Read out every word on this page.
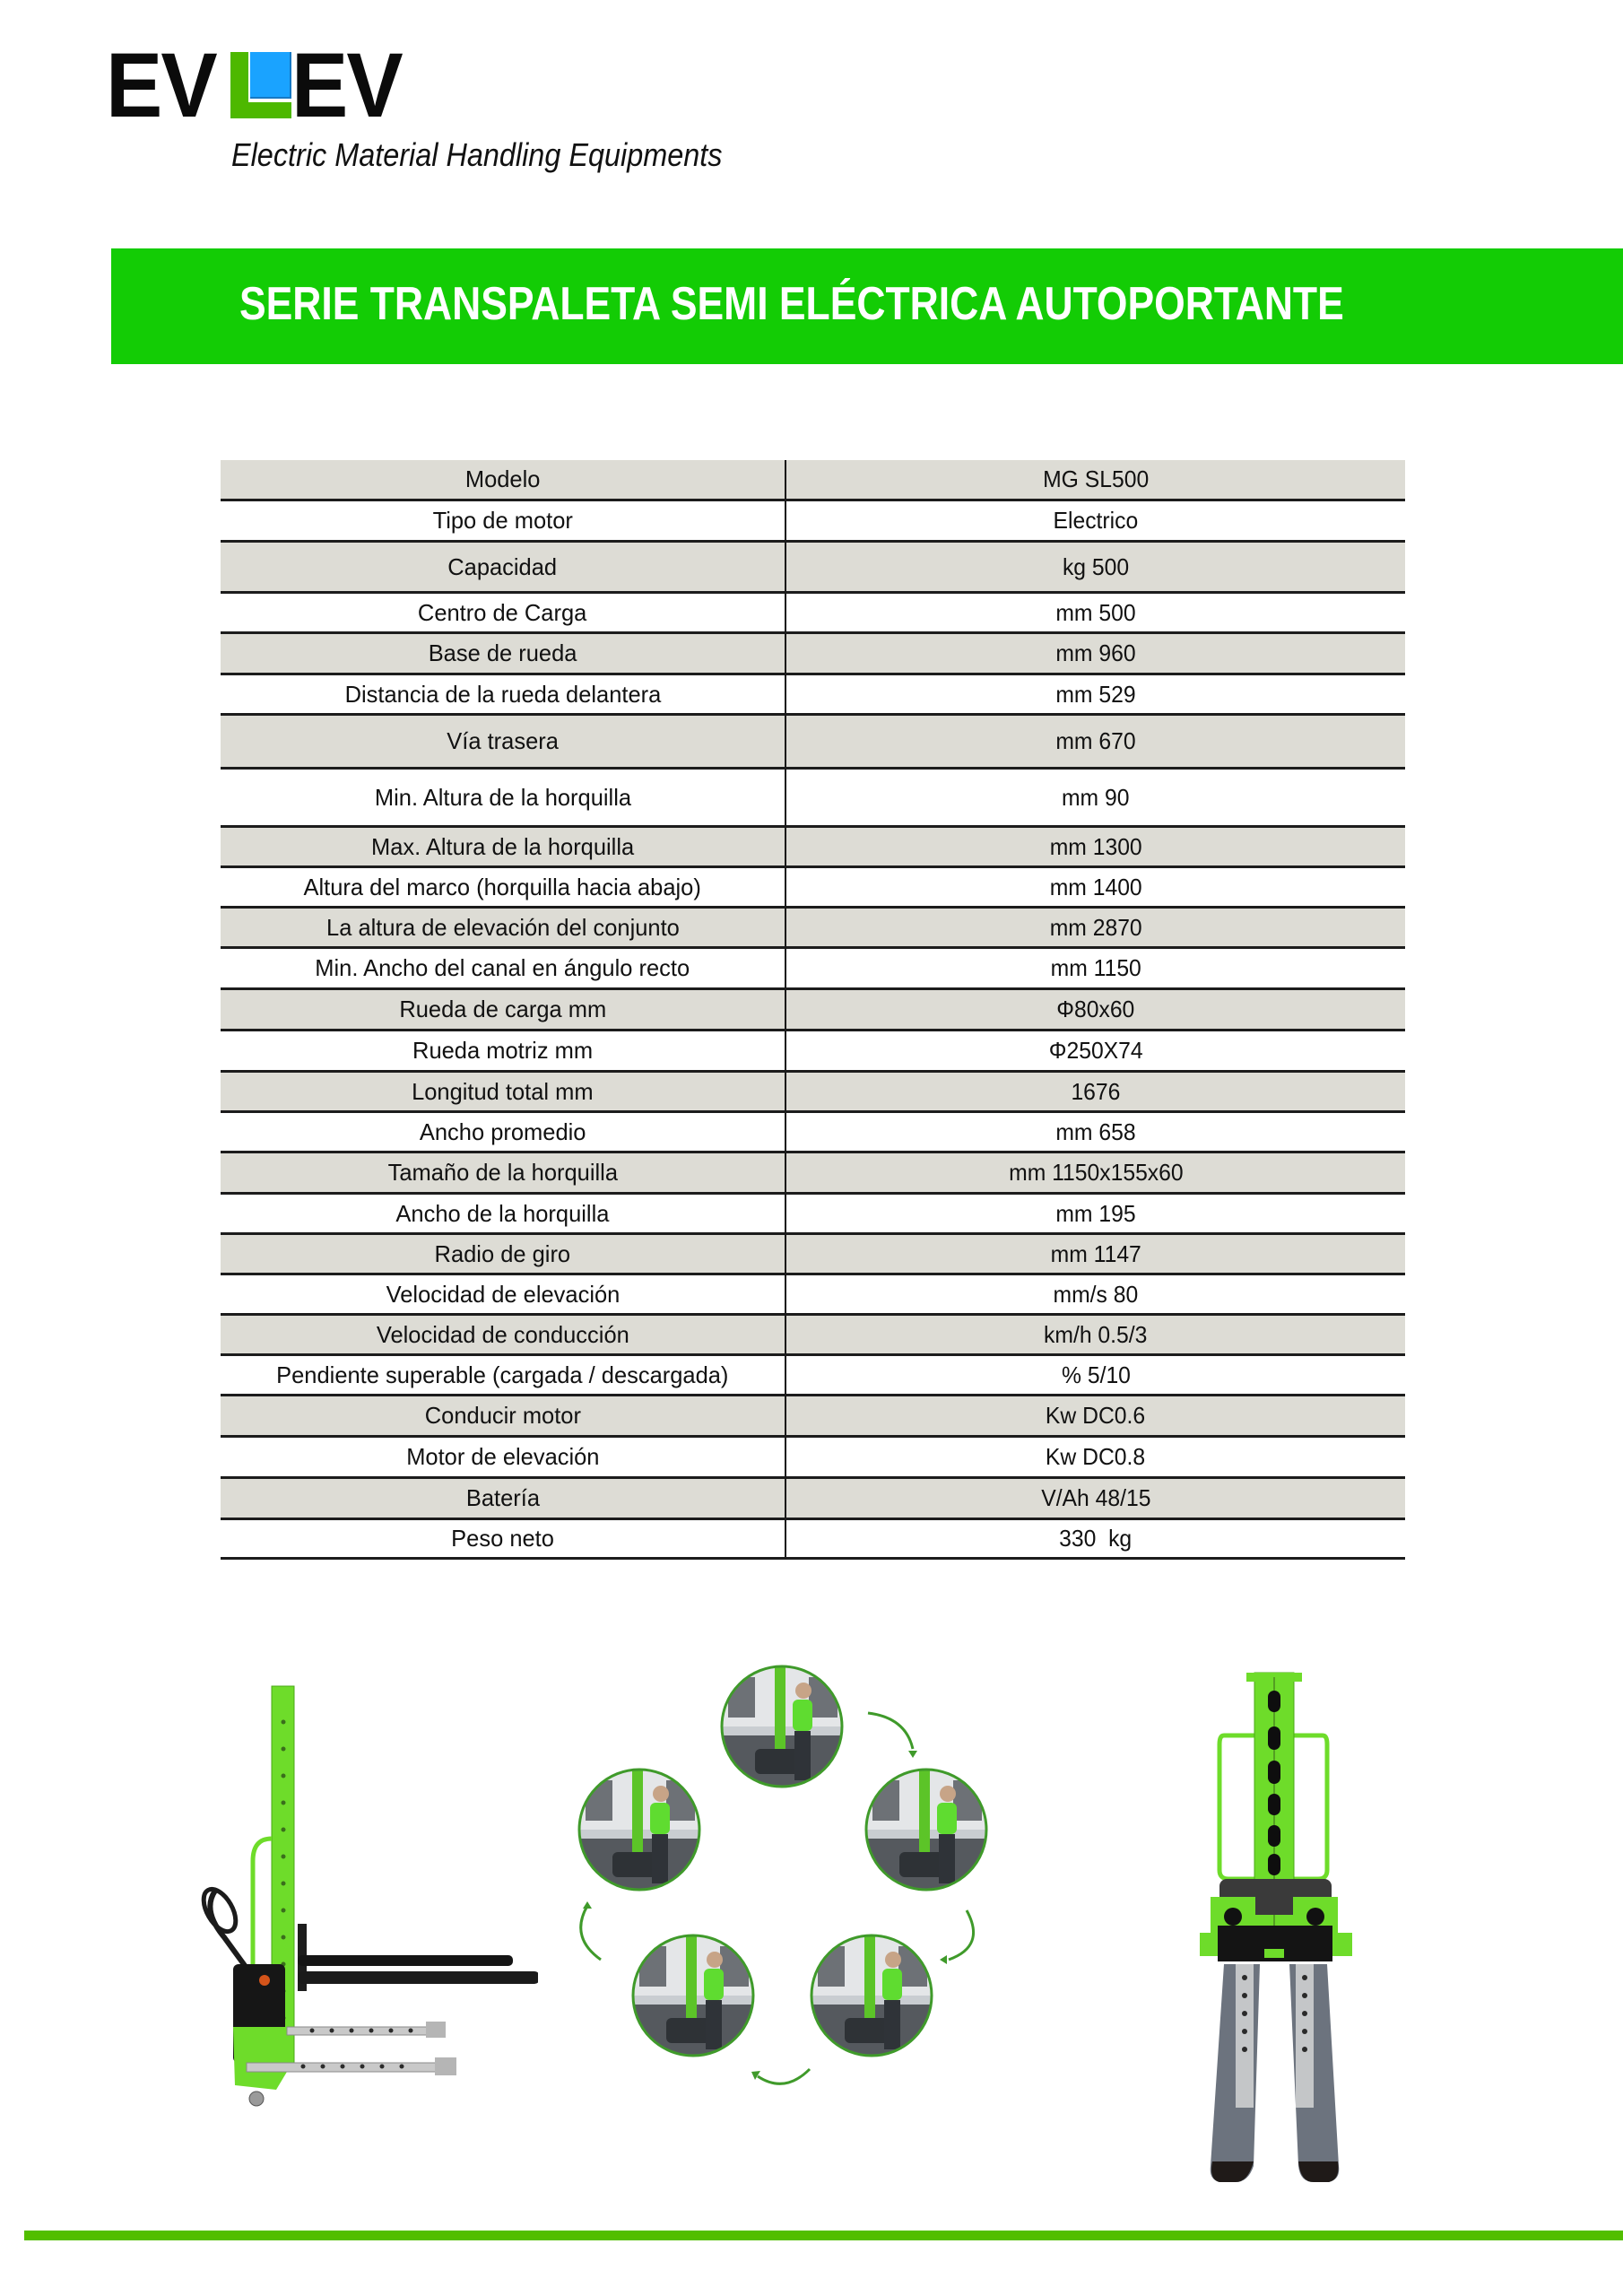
EV EV
Electric Material Handling Equipments
SERIE TRANSPALETA SEMI ELÉCTRICA AUTOPORTANTE
Modelo	MG SL500
Tipo de motor	Electrico
Capacidad	kg 500
Centro de Carga	mm 500
Base de rueda	mm 960
Distancia de la rueda delantera	mm 529
Vía trasera	mm 670
Min. Altura de la horquilla	mm 90
Max. Altura de la horquilla	mm 1300
Altura del marco (horquilla hacia abajo)	mm 1400
La altura de elevación del conjunto	mm 2870
Min. Ancho del canal en ángulo recto	mm 1150
Rueda de carga mm	Φ80x60
Rueda motriz mm	Φ250X74
Longitud total mm	1676
Ancho promedio	mm 658
Tamaño de la horquilla	mm 1150x155x60
Ancho de la horquilla	mm 195
Radio de giro	mm 1147
Velocidad de elevación	mm/s 80
Velocidad de conducción	km/h 0.5/3
Pendiente superable (cargada / descargada)	% 5/10
Conducir motor	Kw DC0.6
Motor de elevación	Kw DC0.8
Batería	V/Ah 48/15
Peso neto	330  kg
